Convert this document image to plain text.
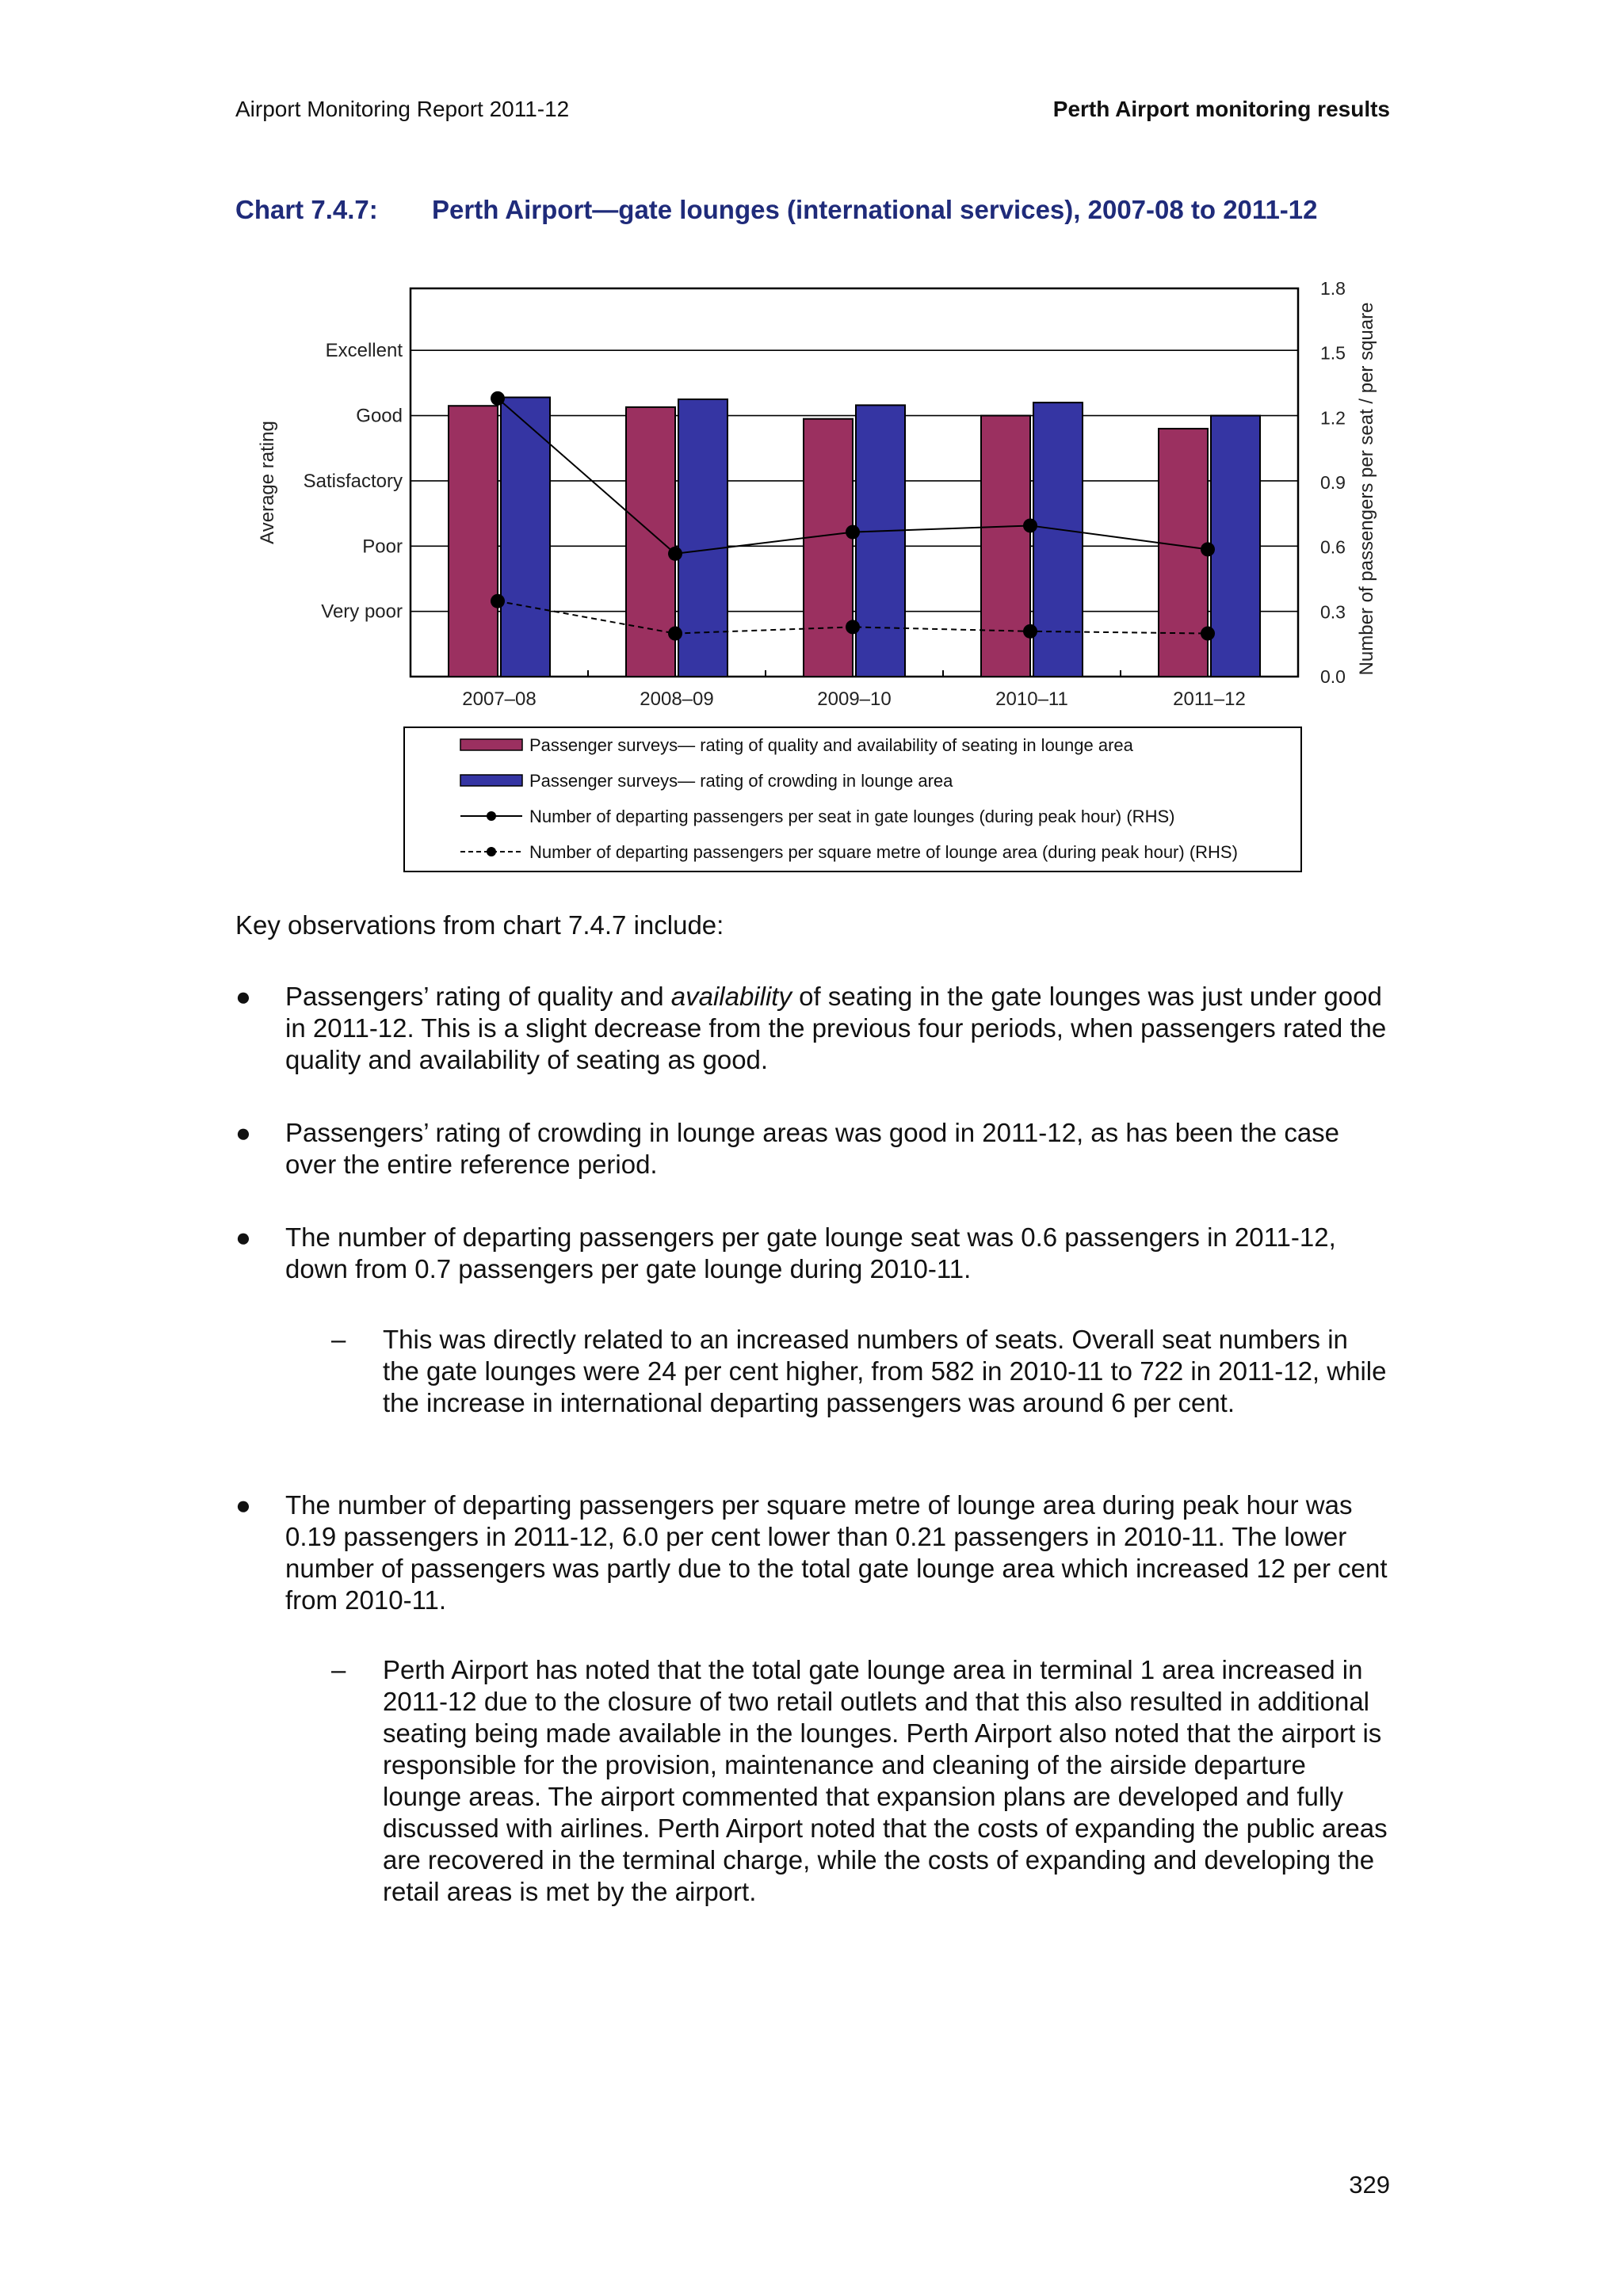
Airport Monitoring Report 2011-12	Perth Airport monitoring results
Chart 7.4.7: Perth Airport—gate lounges (international services), 2007-08 to 2011-12
Very poor
Poor
Satisfactory
Good
Excellent
0.0
0.3
0.6
0.9
1.2
1.5
1.8
Average rating	Number of passengers per seat / per square
2007–08	2008–09	2009–10	2010–11	2011–12
Passenger surveys— rating of quality and availability of seating in lounge area
Passenger surveys— rating of crowding in lounge area
Number of departing passengers per seat in gate lounges (during peak hour) (RHS)
Number of departing passengers per square metre of lounge area (during peak hour) (RHS)
Key observations from chart 7.4.7 include:
●	Passengers’ rating of quality and availability of seating in the gate lounges was just under good in 2011-12. This is a slight decrease from the previous four periods, when passengers rated the quality and availability of seating as good.
●	Passengers’ rating of crowding in lounge areas was good in 2011-12, as has been the case over the entire reference period.
●	The number of departing passengers per gate lounge seat was 0.6 passengers in 2011-12, down from 0.7 passengers per gate lounge during 2010-11.
– This was directly related to an increased numbers of seats. Overall seat numbers in the gate lounges were 24 per cent higher, from 582 in 2010-11 to 722 in 2011-12, while the increase in international departing passengers was around 6 per cent.
●	The number of departing passengers per square metre of lounge area during peak hour was 0.19 passengers in 2011-12, 6.0 per cent lower than 0.21 passengers in 2010-11. The lower number of passengers was partly due to the total gate lounge area which increased 12 per cent from 2010-11.
– Perth Airport has noted that the total gate lounge area in terminal 1 area increased in 2011-12 due to the closure of two retail outlets and that this also resulted in additional seating being made available in the lounges. Perth Airport also noted that the airport is responsible for the provision, maintenance and cleaning of the airside departure lounge areas. The airport commented that expansion plans are developed and fully discussed with airlines. Perth Airport noted that the costs of expanding the public areas are recovered in the terminal charge, while the costs of expanding and developing the retail areas is met by the airport.
329
